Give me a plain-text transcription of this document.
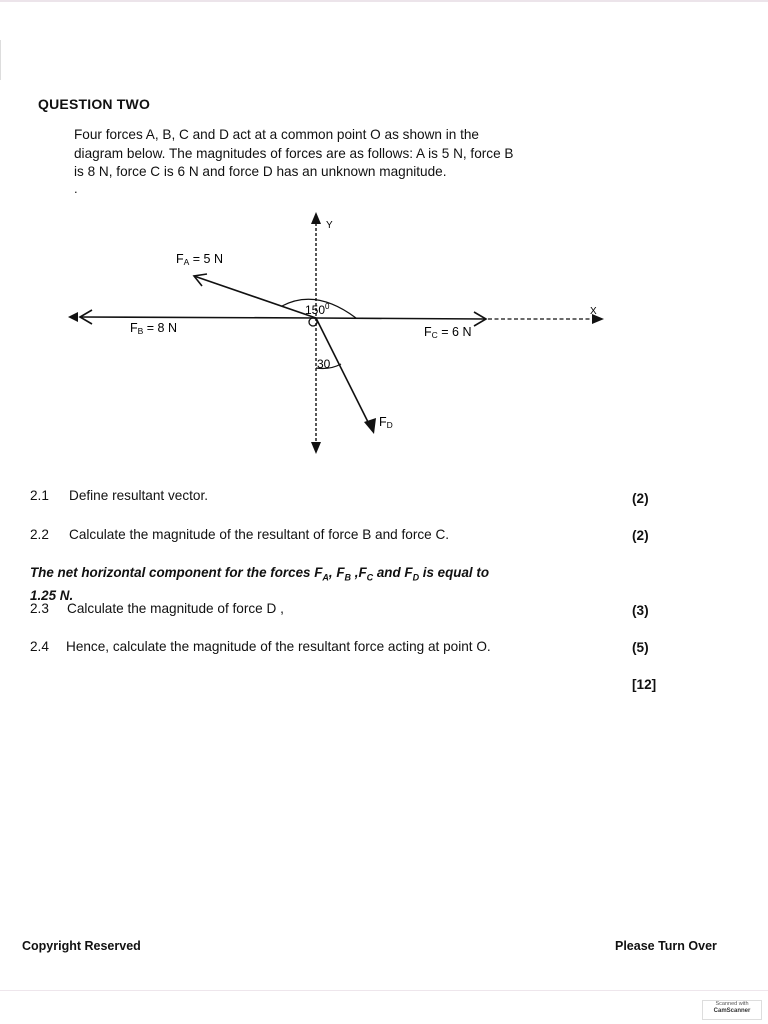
QUESTION TWO
Four forces A, B, C and D act at a common point O as shown in the
diagram below. The magnitudes of forces are as follows: A is 5 N, force B
is 8 N, force C is 6 N and force D has an unknown magnitude.
.
Y
X
FA = 5 N
FB = 8 N	FC = 6 N
FD
$150^0$
30
O
2.1 Define resultant vector.	(2)
2.2 Calculate the magnitude of the resultant of force B and force C.	(2)
The net horizontal component for the forces $F_A$, $F_B$ $,F_C$ and $F_D$ is equal to
1.25 N.
2.3 Calculate the magnitude of force D ,	(3)
2.4 Hence, calculate the magnitude of the resultant force acting at point O.	(5)
[12]
Copyright Reserved	Please Turn Over
Scanned with
CamScanner
